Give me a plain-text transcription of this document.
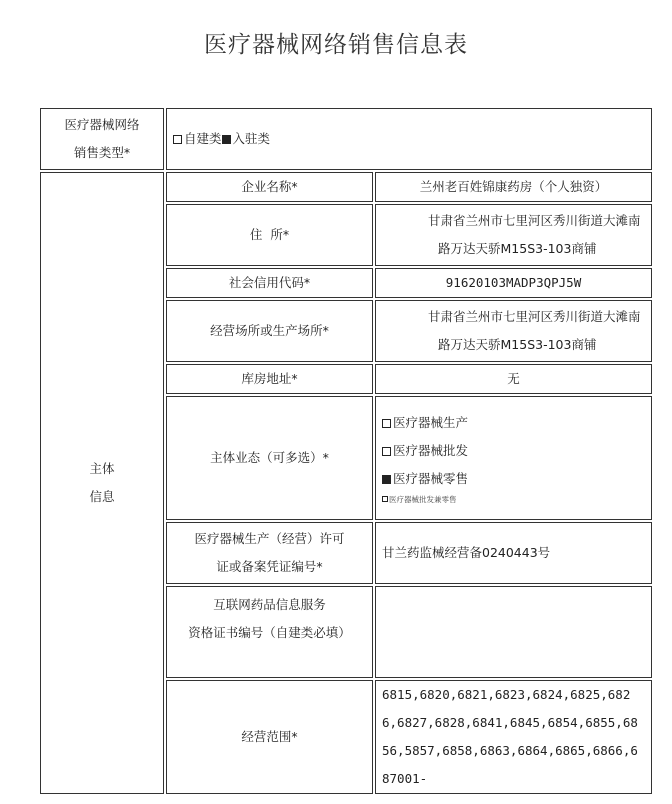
医疗器械网络销售信息表
医疗器械网络
销售类型*	自建类 入驻类	
主体
信息	企业名称*	兰州老百姓锦康药房（个人独资）
	住  所*	甘肃省兰州市七里河区秀川街道大滩南
路万达天骄M15S3-103商铺
	社会信用代码*	91620103MADP3QPJ5W
	经营场所或生产场所*	甘肃省兰州市七里河区秀川街道大滩南
路万达天骄M15S3-103商铺
	库房地址*	无
	主体业态（可多选）*	医疗器械生产
医疗器械批发
医疗器械零售
医疗器械批发兼零售

	医疗器械生产（经营）许可
证或备案凭证编号*	甘兰药监械经营备0240443号
	互联网药品信息服务
资格证书编号（自建类必填）	
	经营范围*	6815,6820,6821,6823,6824,6825,6826,6827,6828,6841,6845,6854,6855,6856,5857,6858,6863,6864,6865,6866,687001-
